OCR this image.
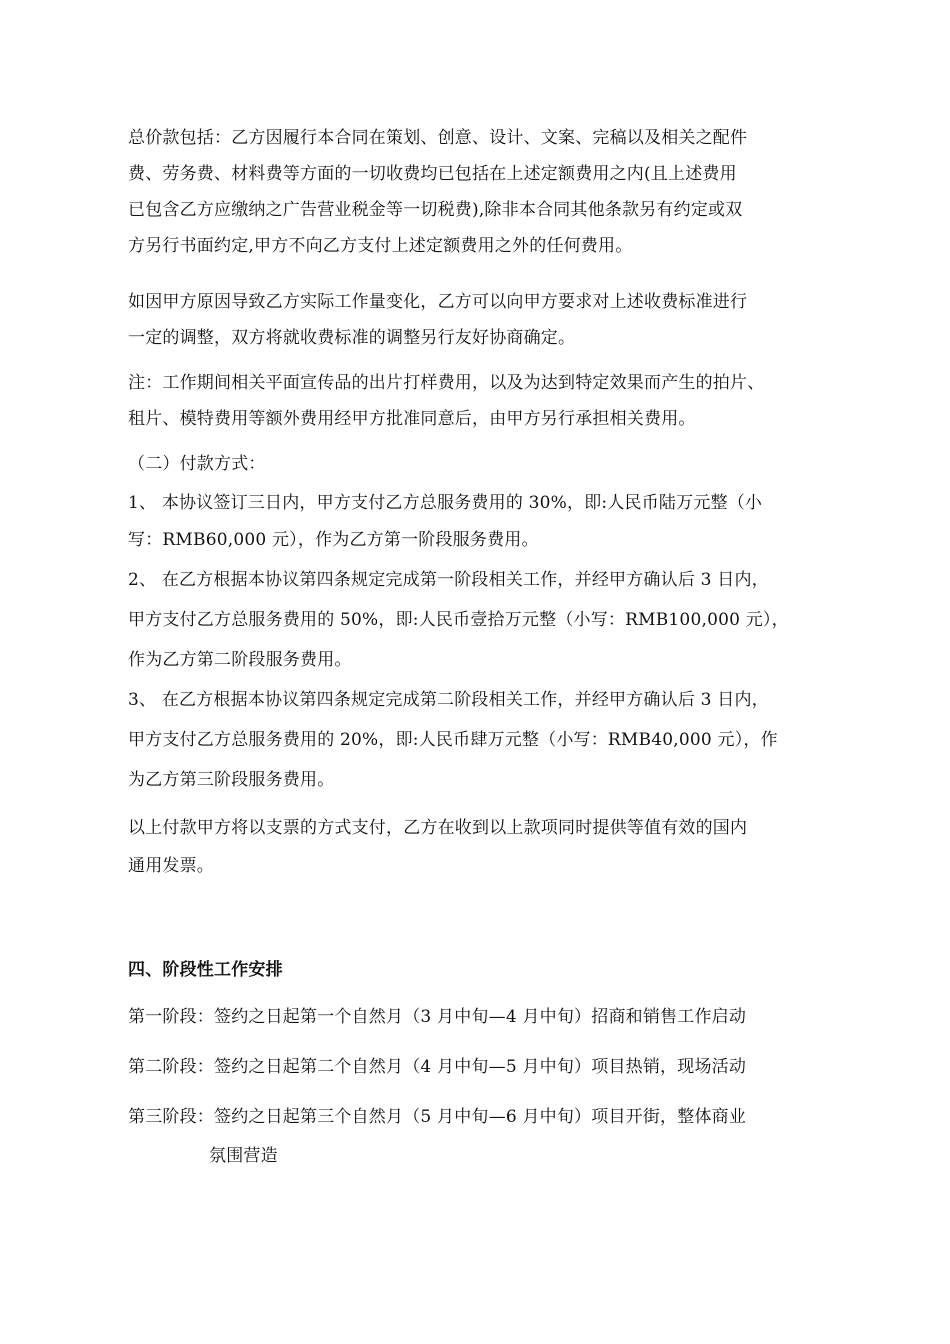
总价款包括：乙方因履行本合同在策划、创意、设计、文案、完稿以及相关之配件
费、劳务费、材料费等方面的一切收费均已包括在上述定额费用之内(且上述费用
已包含乙方应缴纳之广告营业税金等一切税费),除非本合同其他条款另有约定或双
方另行书面约定,甲方不向乙方支付上述定额费用之外的任何费用。
如因甲方原因导致乙方实际工作量变化，乙方可以向甲方要求对上述收费标准进行
一定的调整，双方将就收费标准的调整另行友好协商确定。
注：工作期间相关平面宣传品的出片打样费用，以及为达到特定效果而产生的拍片、
租片、模特费用等额外费用经甲方批准同意后，由甲方另行承担相关费用。
（二）付款方式：
1、 本协议签订三日内，甲方支付乙方总服务费用的 30%，即:人民币陆万元整（小
写：RMB60,000 元），作为乙方第一阶段服务费用。
2、 在乙方根据本协议第四条规定完成第一阶段相关工作，并经甲方确认后 3 日内，
甲方支付乙方总服务费用的 50%，即:人民币壹拾万元整（小写：RMB100,000 元），
作为乙方第二阶段服务费用。
3、 在乙方根据本协议第四条规定完成第二阶段相关工作，并经甲方确认后 3 日内，
甲方支付乙方总服务费用的 20%，即:人民币肆万元整（小写：RMB40,000 元），作
为乙方第三阶段服务费用。
以上付款甲方将以支票的方式支付，乙方在收到以上款项同时提供等值有效的国内
通用发票。
四、阶段性工作安排
第一阶段：签约之日起第一个自然月（3 月中旬—4 月中旬）招商和销售工作启动
第二阶段：签约之日起第二个自然月（4 月中旬—5 月中旬）项目热销，现场活动
第三阶段：签约之日起第三个自然月（5 月中旬—6 月中旬）项目开街，整体商业
氛围营造
